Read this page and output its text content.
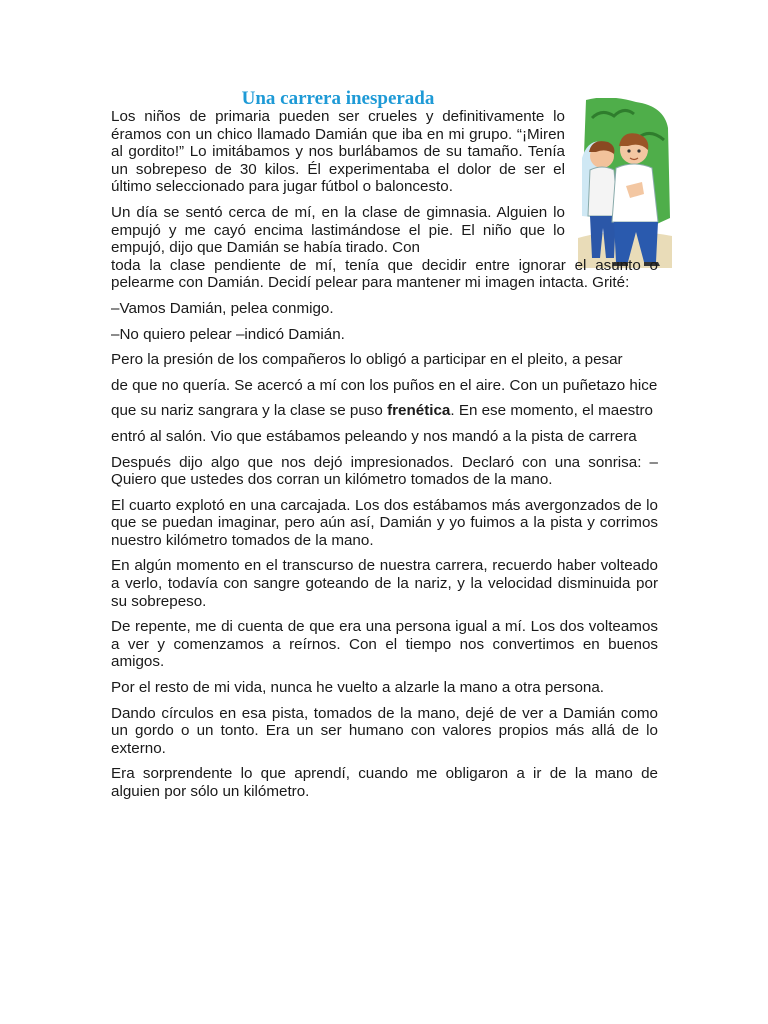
Una carrera inesperada

Los niños de primaria pueden ser crueles y definitivamente lo éramos con un chico llamado Damián que iba en mi grupo. “¡Miren al gordito!” Lo imitábamos y nos burlábamos de su tamaño. Tenía un sobrepeso de 30 kilos. Él experimentaba el dolor de ser el último seleccionado para jugar fútbol o baloncesto.

Un día se sentó cerca de mí, en la clase de gimnasia. Alguien lo empujó y me cayó encima lastimándose el pie. El niño que lo empujó, dijo que Damián se había tirado. Con

toda la clase pendiente de mí, tenía que decidir entre ignorar el asunto o pelearme con Damián. Decidí pelear para mantener mi imagen intacta. Grité:

–Vamos Damián, pelea conmigo.

–No quiero pelear –indicó Damián.

Pero la presión de los compañeros lo obligó a participar en el pleito, a pesar

de que no quería. Se acercó a mí con los puños en el aire. Con un puñetazo hice

que su nariz sangrara y la clase se puso frenética. En ese momento, el maestro

entró al salón. Vio que estábamos peleando y nos mandó a la pista de carrera

Después dijo algo que nos dejó impresionados. Declaró con una sonrisa: –Quiero que ustedes dos corran un kilómetro tomados de la mano.

El cuarto explotó en una carcajada. Los dos estábamos más avergonzados de lo que se puedan imaginar, pero aún así, Damián y yo fuimos a la pista y corrimos nuestro kilómetro tomados de la mano.

En algún momento en el transcurso de nuestra carrera, recuerdo haber volteado a verlo, todavía con sangre goteando de la nariz, y la velocidad disminuida por su sobrepeso.

De repente, me di cuenta de que era una persona igual a mí. Los dos volteamos a ver y comenzamos a reírnos. Con el tiempo nos convertimos en buenos amigos.

Por el resto de mi vida, nunca he vuelto a alzarle la mano a otra persona.

Dando círculos en esa pista, tomados de la mano, dejé de ver a Damián como un gordo o un tonto. Era un ser humano con valores propios más allá de lo externo.

Era sorprendente lo que aprendí, cuando me obligaron a ir de la mano de alguien por sólo un kilómetro.
